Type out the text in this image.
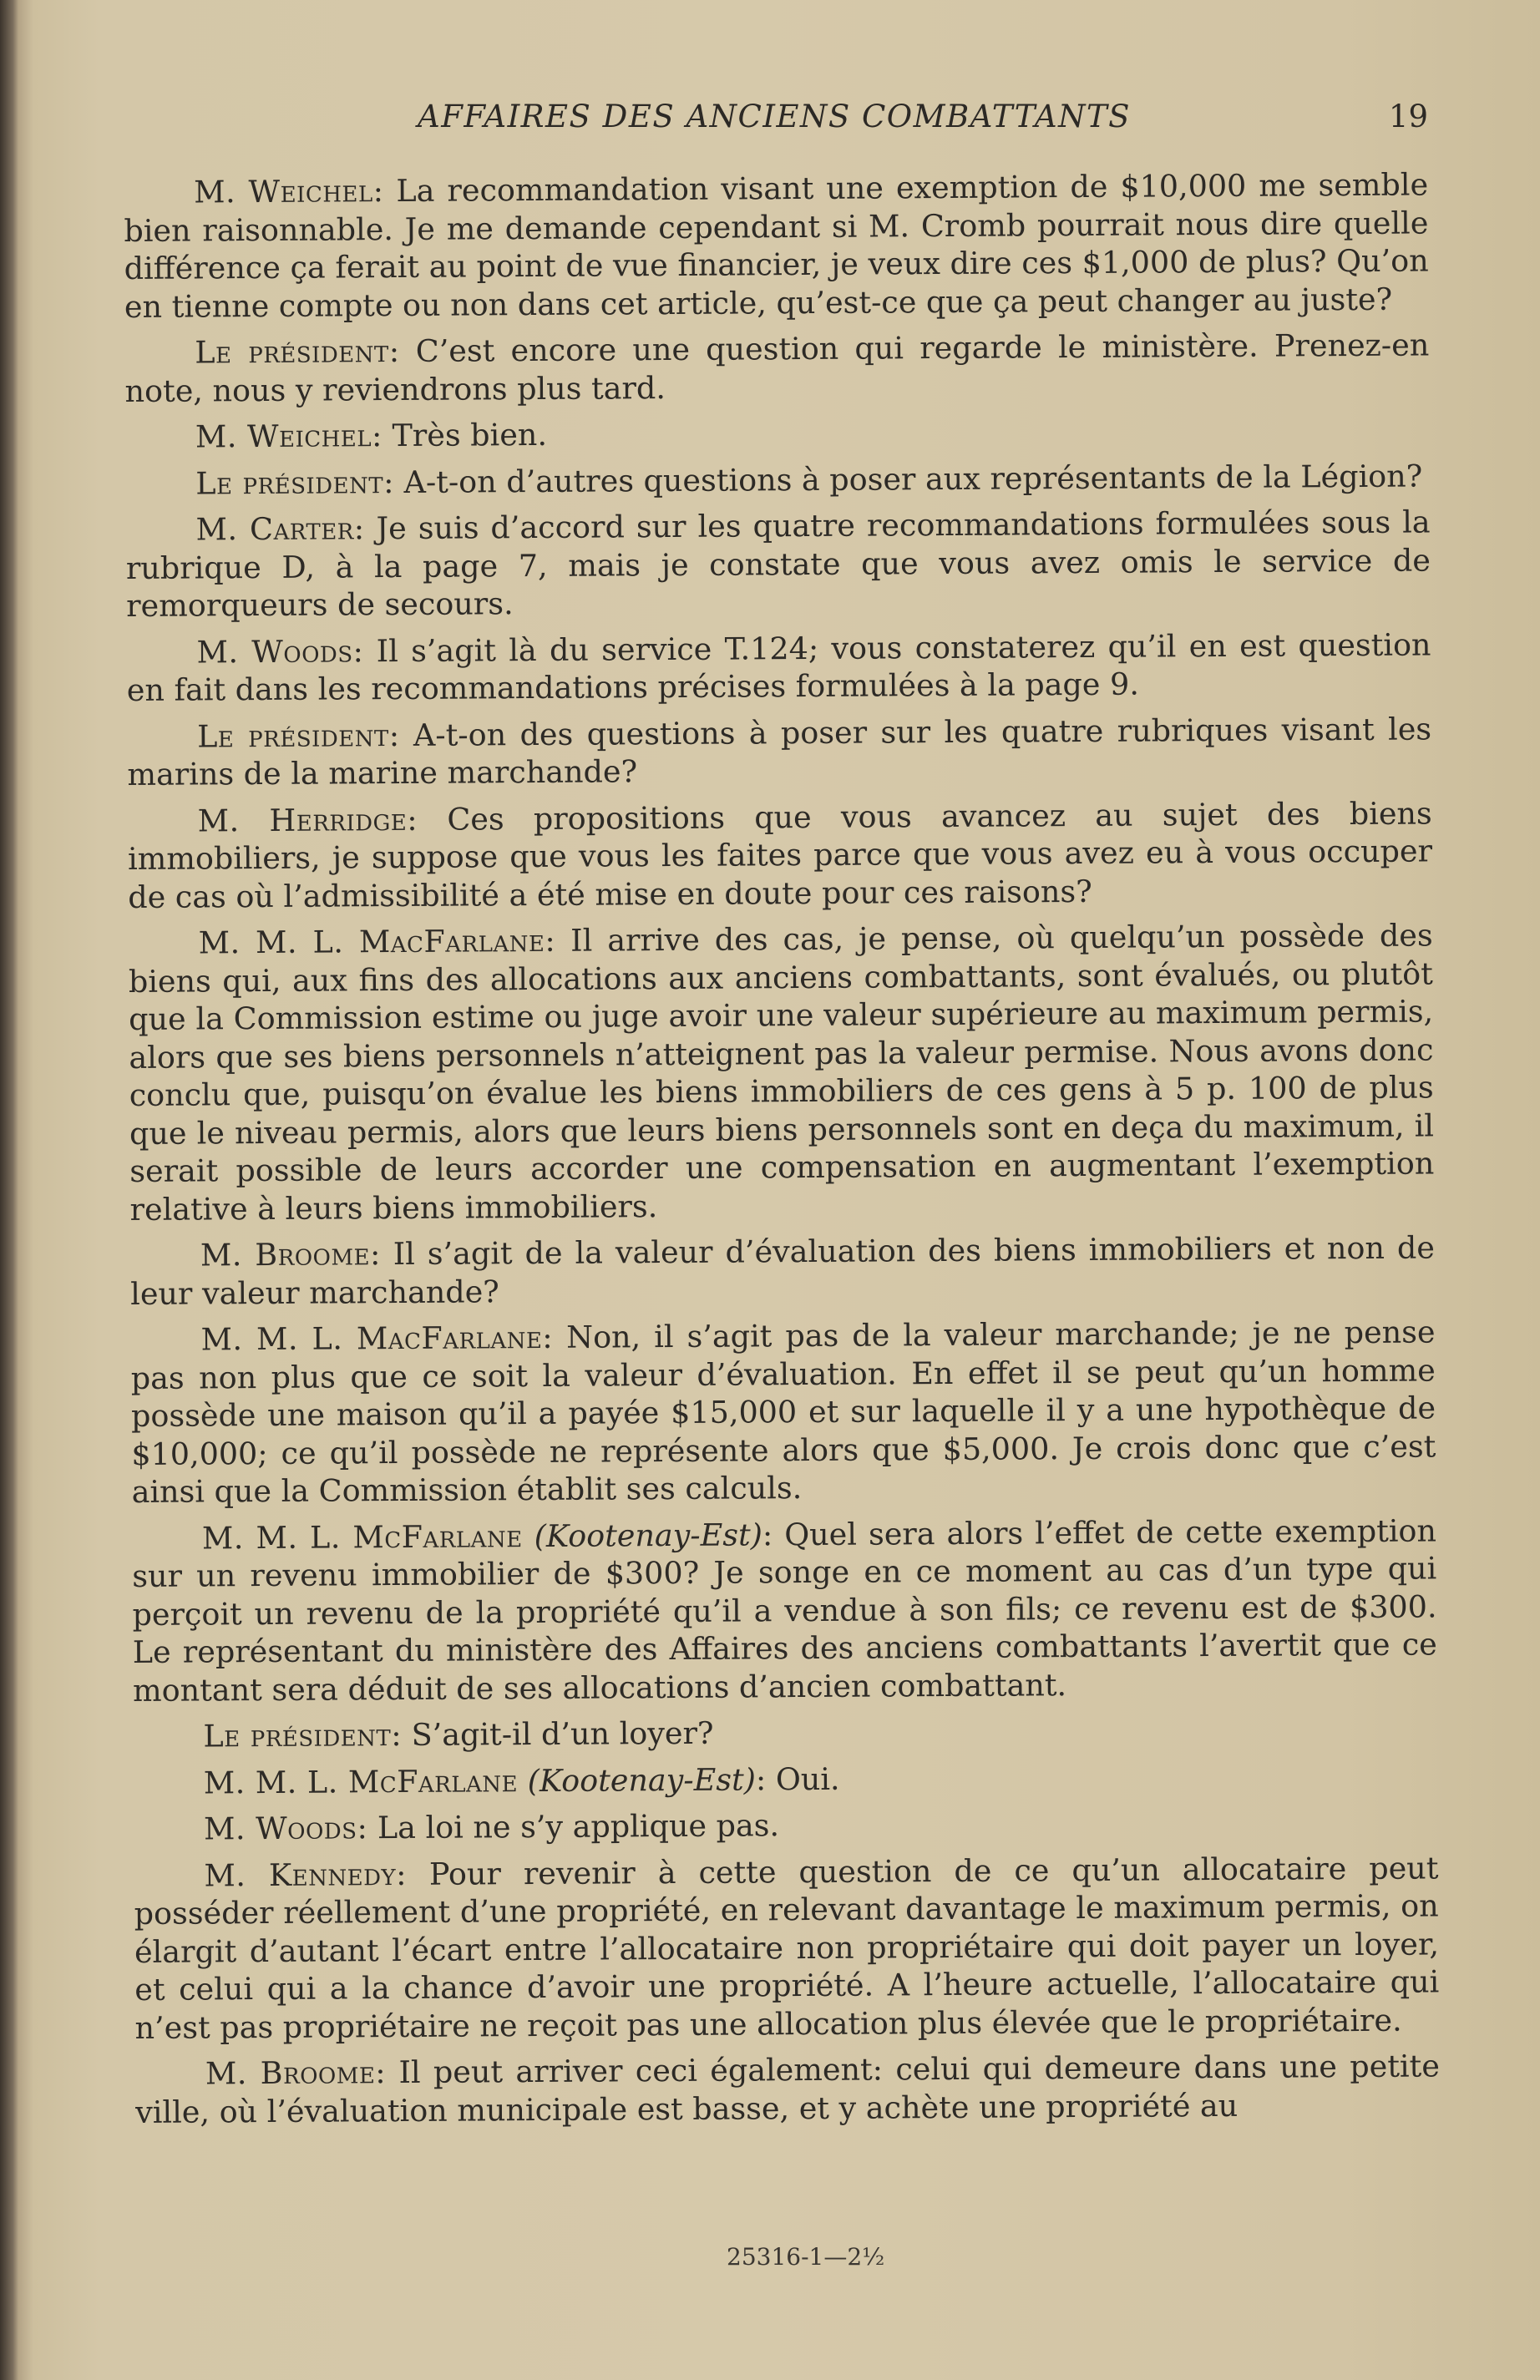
AFFAIRES DES ANCIENS COMBATTANTS	19

M. Weichel: La recommandation visant une exemption de $10,000 me semble bien raisonnable. Je me demande cependant si M. Cromb pourrait nous dire quelle différence ça ferait au point de vue financier, je veux dire ces $1,000 de plus? Qu’on en tienne compte ou non dans cet article, qu’est-ce que ça peut changer au juste?

Le président: C’est encore une question qui regarde le ministère. Prenez-en note, nous y reviendrons plus tard.

M. Weichel: Très bien.

Le président: A-t-on d’autres questions à poser aux représentants de la Légion?

M. Carter: Je suis d’accord sur les quatre recommandations formulées sous la rubrique D, à la page 7, mais je constate que vous avez omis le service de remorqueurs de secours.

M. Woods: Il s’agit là du service T.124; vous constaterez qu’il en est question en fait dans les recommandations précises formulées à la page 9.

Le président: A-t-on des questions à poser sur les quatre rubriques visant les marins de la marine marchande?

M. Herridge: Ces propositions que vous avancez au sujet des biens immobiliers, je suppose que vous les faites parce que vous avez eu à vous occuper de cas où l’admissibilité a été mise en doute pour ces raisons?

M. M. L. MacFarlane: Il arrive des cas, je pense, où quelqu’un possède des biens qui, aux fins des allocations aux anciens combattants, sont évalués, ou plutôt que la Commission estime ou juge avoir une valeur supérieure au maximum permis, alors que ses biens personnels n’atteignent pas la valeur permise. Nous avons donc conclu que, puisqu’on évalue les biens immobiliers de ces gens à 5 p. 100 de plus que le niveau permis, alors que leurs biens personnels sont en deça du maximum, il serait possible de leurs accorder une compensation en augmentant l’exemption relative à leurs biens immobiliers.

M. Broome: Il s’agit de la valeur d’évaluation des biens immobiliers et non de leur valeur marchande?

M. M. L. MacFarlane: Non, il s’agit pas de la valeur marchande; je ne pense pas non plus que ce soit la valeur d’évaluation. En effet il se peut qu’un homme possède une maison qu’il a payée $15,000 et sur laquelle il y a une hypothèque de $10,000; ce qu’il possède ne représente alors que $5,000. Je crois donc que c’est ainsi que la Commission établit ses calculs.

M. M. L. McFarlane (Kootenay-Est): Quel sera alors l’effet de cette exemption sur un revenu immobilier de $300? Je songe en ce moment au cas d’un type qui perçoit un revenu de la propriété qu’il a vendue à son fils; ce revenu est de $300. Le représentant du ministère des Affaires des anciens combattants l’avertit que ce montant sera déduit de ses allocations d’ancien combattant.

Le président: S’agit-il d’un loyer?

M. M. L. McFarlane (Kootenay-Est): Oui.

M. Woods: La loi ne s’y applique pas.

M. Kennedy: Pour revenir à cette question de ce qu’un allocataire peut posséder réellement d’une propriété, en relevant davantage le maximum permis, on élargit d’autant l’écart entre l’allocataire non propriétaire qui doit payer un loyer, et celui qui a la chance d’avoir une propriété. A l’heure actuelle, l’allocataire qui n’est pas propriétaire ne reçoit pas une allocation plus élevée que le propriétaire.

M. Broome: Il peut arriver ceci également: celui qui demeure dans une petite ville, où l’évaluation municipale est basse, et y achète une propriété au

25316-1—2½
